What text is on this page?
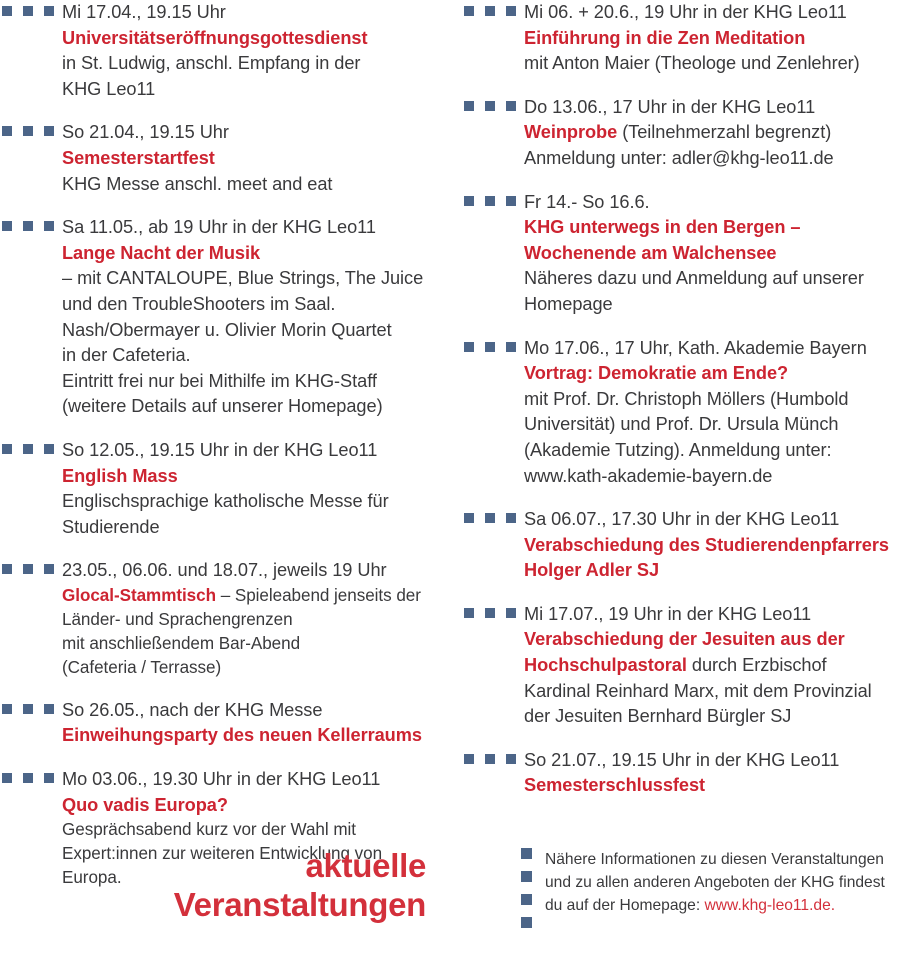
Mi 17.04., 19.15 Uhr
Universitätseröffnungsgottesdienst
in St. Ludwig, anschl. Empfang in der
KHG Leo11
So 21.04., 19.15 Uhr
Semesterstartfest
KHG Messe anschl. meet and eat
Sa 11.05., ab 19 Uhr in der KHG Leo11
Lange Nacht der Musik
– mit CANTALOUPE, Blue Strings, The Juice
und den TroubleShooters im Saal.
Nash/Obermayer u. Olivier Morin Quartet
in der Cafeteria.
Eintritt frei nur bei Mithilfe im KHG-Staff
(weitere Details auf unserer Homepage)
So 12.05., 19.15 Uhr in der KHG Leo11
English Mass
Englischsprachige katholische Messe für
Studierende
23.05., 06.06. und 18.07., jeweils 19 Uhr
Glocal-Stammtisch – Spieleabend jenseits der
Länder- und Sprachengrenzen
mit anschließendem Bar-Abend
(Cafeteria / Terrasse)
So 26.05., nach der KHG Messe
Einweihungsparty des neuen Kellerraums
Mo 03.06., 19.30 Uhr in der KHG Leo11
Quo vadis Europa?
Gesprächsabend kurz vor der Wahl mit
Expert:innen zur weiteren Entwicklung von
Europa.
Mi 06. + 20.6., 19 Uhr in der KHG Leo11
Einführung in die Zen Meditation
mit Anton Maier (Theologe und Zenlehrer)
Do 13.06., 17 Uhr in der KHG Leo11
Weinprobe (Teilnehmerzahl begrenzt)
Anmeldung unter: adler@khg-leo11.de
Fr 14.- So 16.6.
KHG unterwegs in den Bergen –
Wochenende am Walchensee
Näheres dazu und Anmeldung auf unserer
Homepage
Mo 17.06., 17 Uhr, Kath. Akademie Bayern
Vortrag: Demokratie am Ende?
mit Prof. Dr. Christoph Möllers (Humbold
Universität) und Prof. Dr. Ursula Münch
(Akademie Tutzing). Anmeldung unter:
www.kath-akademie-bayern.de
Sa 06.07., 17.30 Uhr in der KHG Leo11
Verabschiedung des Studierendenpfarrers
Holger Adler SJ
Mi 17.07., 19 Uhr in der KHG Leo11
Verabschiedung der Jesuiten aus der
Hochschulpastoral durch Erzbischof
Kardinal Reinhard Marx, mit dem Provinzial
der Jesuiten Bernhard Bürgler SJ
So 21.07., 19.15 Uhr in der KHG Leo11
Semesterschlussfest
aktuelle
Veranstaltungen
Nähere Informationen zu diesen Veranstaltungen
und zu allen anderen Angeboten der KHG findest
du auf der Homepage: www.khg-leo11.de.
